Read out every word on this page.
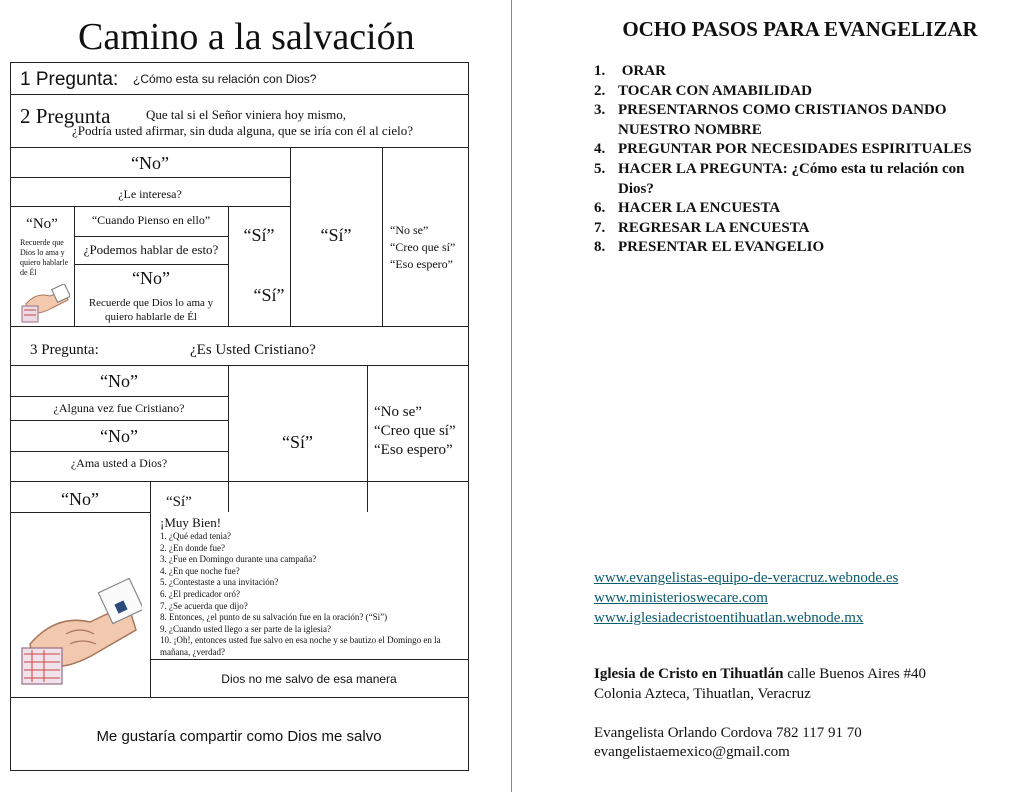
Camino a la salvación
1 Pregunta: ¿Cómo esta su relación con Dios?
2 Pregunta	Que tal si el Señor viniera hoy mismo,
¿Podría usted afirmar, sin duda alguna, que se iría con él al cielo?
“No”
¿Le interesa?
“No”
Recuerde que Dios lo ama y quiero hablarle de Él
“Cuando Pienso en ello”
¿Podemos hablar de esto?
“No”
Recuerde que Dios lo ama y
quiero hablarle de Él
“Sí”
“Sí”
“Sí”	“No se”
“Creo que sí”
“Eso espero”
3 Pregunta:	¿Es Usted Cristiano?
“No”
¿Alguna vez fue Cristiano?
“No”
¿Ama usted a Dios?
“Sí”
“No se”
“Creo que sí”
“Eso espero”
“No”	“Sí”
¡Muy Bien!
1. ¿Qué edad tenia?
2. ¿En donde fue?
3. ¿Fue en Domingo durante una campaña?
4. ¿En que noche fue?
5. ¿Contestaste a una invitación?
6. ¿El predicador oró?
7. ¿Se acuerda que dijo?
8. Entonces, ¿el punto de su salvación fue en la oración? (“Si”)
9. ¿Cuando usted llego a ser parte de la iglesia?
10. ¡Oh!, entonces usted fue salvo en esa noche y se bautizo el Domingo en la
mañana, ¿verdad?
Dios no me salvo de esa manera
Me gustaría compartir como Dios me salvo
OCHO PASOS PARA EVANGELIZAR
1. ORAR
2. TOCAR CON AMABILIDAD
3. PRESENTARNOS COMO CRISTIANOS DANDO
NUESTRO NOMBRE
4. PREGUNTAR POR NECESIDADES ESPIRITUALES
5. HACER LA PREGUNTA: ¿Cómo esta tu relación con
Dios?
6. HACER LA ENCUESTA
7. REGRESAR LA ENCUESTA
8. PRESENTAR EL EVANGELIO
www.evangelistas-equipo-de-veracruz.webnode.es
www.ministerioswecare.com
www.iglesiadecristoentihuatlan.webnode.mx
Iglesia de Cristo en Tihuatlán calle Buenos Aires #40
Colonia Azteca, Tihuatlan, Veracruz
Evangelista Orlando Cordova 782 117 91 70
evangelistaemexico@gmail.com
